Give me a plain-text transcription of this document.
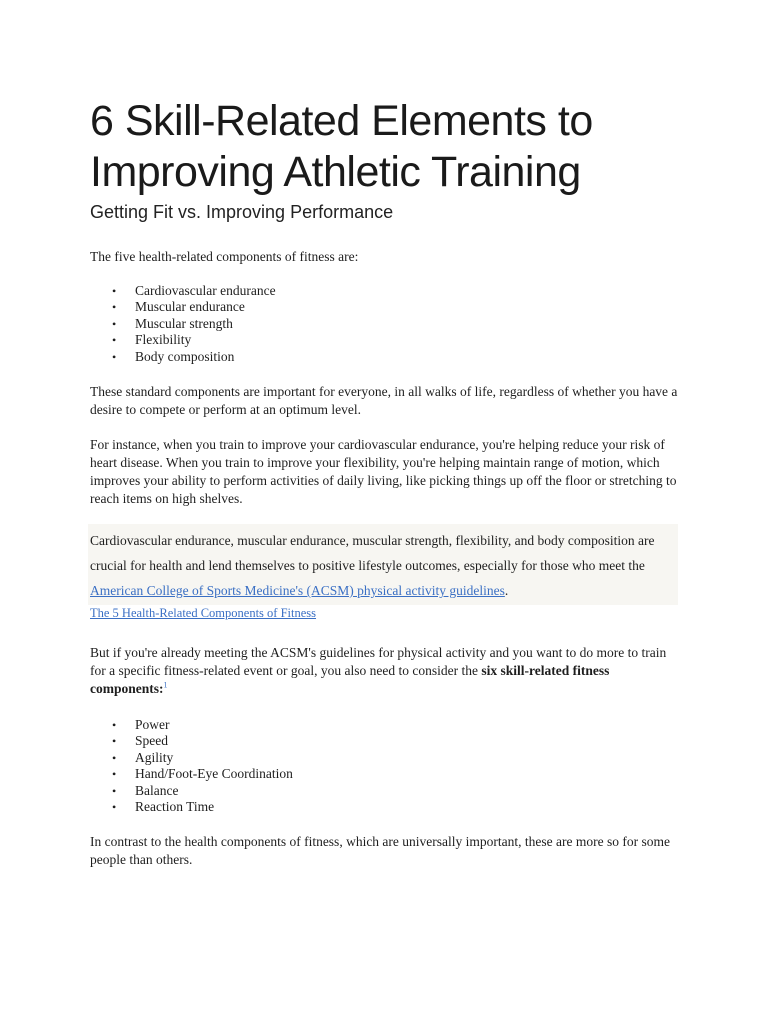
6 Skill-Related Elements to Improving Athletic Training
Getting Fit vs. Improving Performance

The five health-related components of fitness are:

• Cardiovascular endurance
• Muscular endurance
• Muscular strength
• Flexibility
• Body composition

These standard components are important for everyone, in all walks of life, regardless of whether you have a desire to compete or perform at an optimum level.

For instance, when you train to improve your cardiovascular endurance, you're helping reduce your risk of heart disease. When you train to improve your flexibility, you're helping maintain range of motion, which improves your ability to perform activities of daily living, like picking things up off the floor or stretching to reach items on high shelves.

Cardiovascular endurance, muscular endurance, muscular strength, flexibility, and body composition are crucial for health and lend themselves to positive lifestyle outcomes, especially for those who meet the American College of Sports Medicine's (ACSM) physical activity guidelines.

The 5 Health-Related Components of Fitness

But if you're already meeting the ACSM's guidelines for physical activity and you want to do more to train for a specific fitness-related event or goal, you also need to consider the six skill-related fitness components:$^1$

• Power
• Speed
• Agility
• Hand/Foot-Eye Coordination
• Balance
• Reaction Time

In contrast to the health components of fitness, which are universally important, these are more so for some people than others.
